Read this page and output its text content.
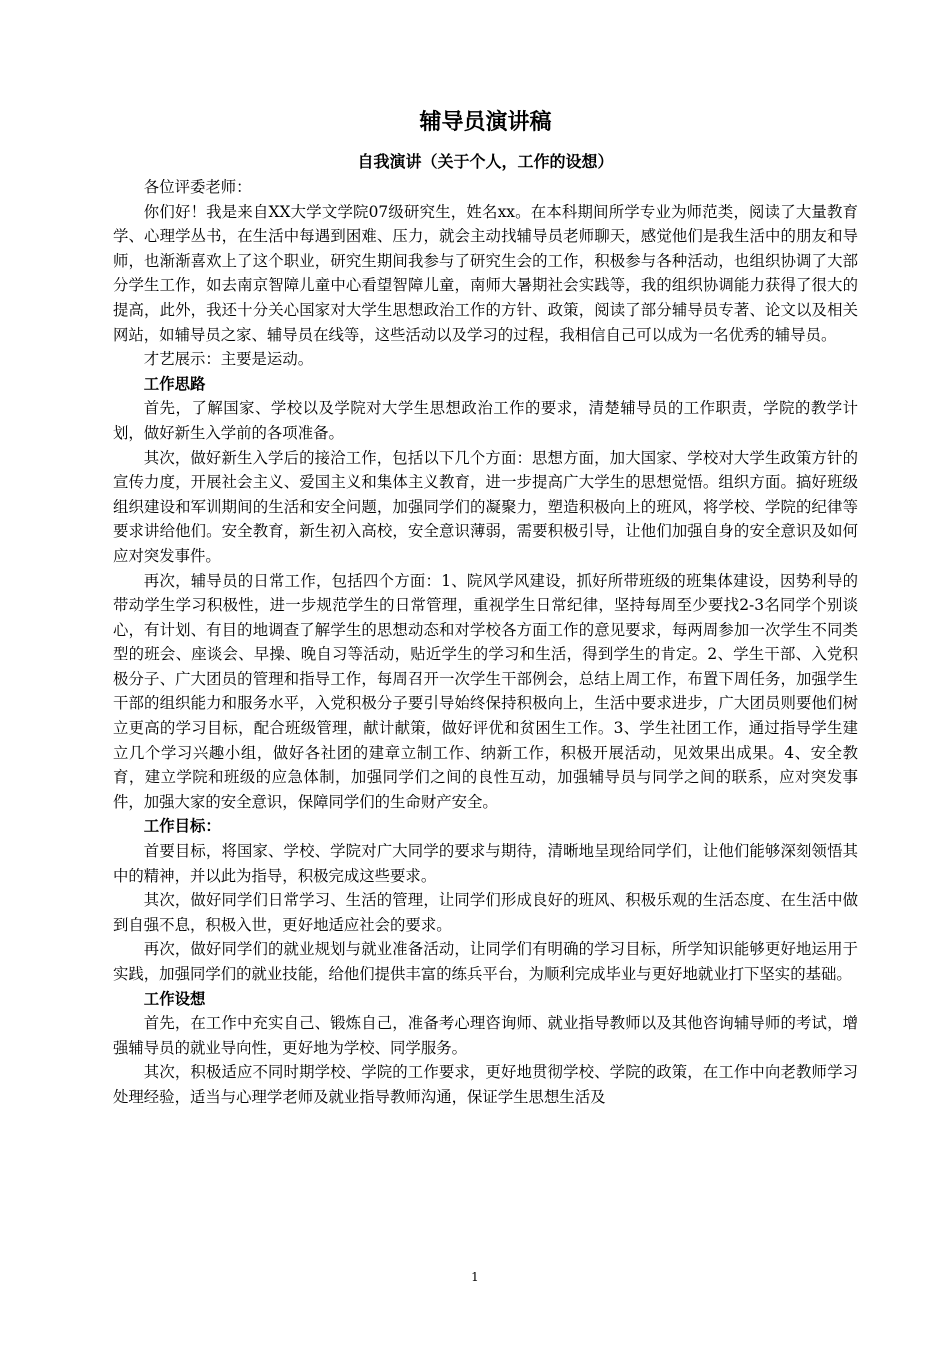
辅导员演讲稿
自我演讲（关于个人，工作的设想）

各位评委老师：

你们好！我是来自XX大学文学院07级研究生，姓名xx。在本科期间所学专业为师范类，阅读了大量教育学、心理学丛书，在生活中每遇到困难、压力，就会主动找辅导员老师聊天，感觉他们是我生活中的朋友和导师，也渐渐喜欢上了这个职业，研究生期间我参与了研究生会的工作，积极参与各种活动，也组织协调了大部分学生工作，如去南京智障儿童中心看望智障儿童，南师大暑期社会实践等，我的组织协调能力获得了很大的提高，此外，我还十分关心国家对大学生思想政治工作的方针、政策，阅读了部分辅导员专著、论文以及相关网站，如辅导员之家、辅导员在线等，这些活动以及学习的过程，我相信自己可以成为一名优秀的辅导员。

才艺展示：主要是运动。

工作思路

首先，了解国家、学校以及学院对大学生思想政治工作的要求，清楚辅导员的工作职责，学院的教学计划，做好新生入学前的各项准备。

其次，做好新生入学后的接洽工作，包括以下几个方面：思想方面，加大国家、学校对大学生政策方针的宣传力度，开展社会主义、爱国主义和集体主义教育，进一步提高广大学生的思想觉悟。组织方面。搞好班级组织建设和军训期间的生活和安全问题，加强同学们的凝聚力，塑造积极向上的班风，将学校、学院的纪律等要求讲给他们。安全教育，新生初入高校，安全意识薄弱，需要积极引导，让他们加强自身的安全意识及如何应对突发事件。

再次，辅导员的日常工作，包括四个方面：1、院风学风建设，抓好所带班级的班集体建设，因势利导的带动学生学习积极性，进一步规范学生的日常管理，重视学生日常纪律，坚持每周至少要找2-3名同学个别谈心，有计划、有目的地调查了解学生的思想动态和对学校各方面工作的意见要求，每两周参加一次学生不同类型的班会、座谈会、早操、晚自习等活动，贴近学生的学习和生活，得到学生的肯定。2、学生干部、入党积极分子、广大团员的管理和指导工作，每周召开一次学生干部例会，总结上周工作，布置下周任务，加强学生干部的组织能力和服务水平，入党积极分子要引导始终保持积极向上，生活中要求进步，广大团员则要他们树立更高的学习目标，配合班级管理，献计献策，做好评优和贫困生工作。3、学生社团工作，通过指导学生建立几个学习兴趣小组，做好各社团的建章立制工作、纳新工作，积极开展活动，见效果出成果。4、安全教育，建立学院和班级的应急体制，加强同学们之间的良性互动，加强辅导员与同学之间的联系，应对突发事件，加强大家的安全意识，保障同学们的生命财产安全。

工作目标：

首要目标，将国家、学校、学院对广大同学的要求与期待，清晰地呈现给同学们，让他们能够深刻领悟其中的精神，并以此为指导，积极完成这些要求。

其次，做好同学们日常学习、生活的管理，让同学们形成良好的班风、积极乐观的生活态度、在生活中做到自强不息，积极入世，更好地适应社会的要求。

再次，做好同学们的就业规划与就业准备活动，让同学们有明确的学习目标，所学知识能够更好地运用于实践，加强同学们的就业技能，给他们提供丰富的练兵平台，为顺利完成毕业与更好地就业打下坚实的基础。

工作设想

首先，在工作中充实自己、锻炼自己，准备考心理咨询师、就业指导教师以及其他咨询辅导师的考试，增强辅导员的就业导向性，更好地为学校、同学服务。

其次，积极适应不同时期学校、学院的工作要求，更好地贯彻学校、学院的政策，在工作中向老教师学习处理经验，适当与心理学老师及就业指导教师沟通，保证学生思想生活及

1
